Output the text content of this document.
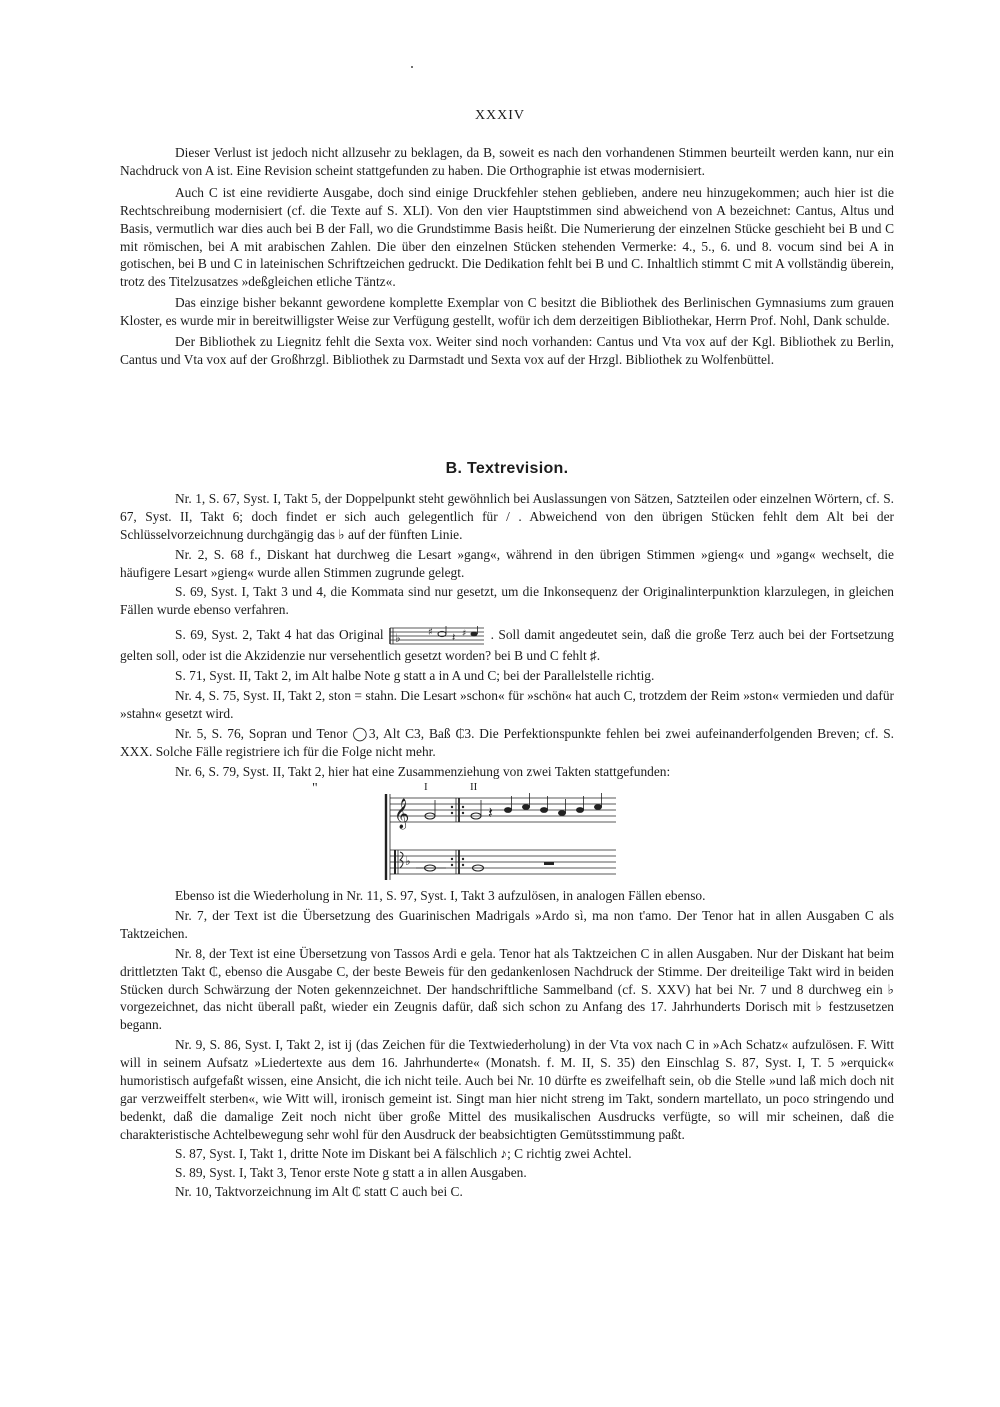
XXXIV

Dieser Verlust ist jedoch nicht allzusehr zu beklagen, da B, soweit es nach den vorhandenen Stimmen beurteilt werden kann, nur ein Nachdruck von A ist. Eine Revision scheint stattgefunden zu haben. Die Orthographie ist etwas modernisiert.

Auch C ist eine revidierte Ausgabe, doch sind einige Druckfehler stehen geblieben, andere neu hinzugekommen; auch hier ist die Rechtschreibung modernisiert (cf. die Texte auf S. XLI). Von den vier Hauptstimmen sind abweichend von A bezeichnet: Cantus, Altus und Basis, vermutlich war dies auch bei B der Fall, wo die Grundstimme Basis heißt. Die Numerierung der einzelnen Stücke geschieht bei B und C mit römischen, bei A mit arabischen Zahlen. Die über den einzelnen Stücken stehenden Vermerke: 4., 5., 6. und 8. vocum sind bei A in gotischen, bei B und C in lateinischen Schriftzeichen gedruckt. Die Dedikation fehlt bei B und C. Inhaltlich stimmt C mit A vollständig überein, trotz des Titelzusatzes »deßgleichen etliche Täntz«.

Das einzige bisher bekannt gewordene komplette Exemplar von C besitzt die Bibliothek des Berlinischen Gymnasiums zum grauen Kloster, es wurde mir in bereitwilligster Weise zur Verfügung gestellt, wofür ich dem derzeitigen Bibliothekar, Herrn Prof. Nohl, Dank schulde.

Der Bibliothek zu Liegnitz fehlt die Sexta vox. Weiter sind noch vorhanden: Cantus und Vta vox auf der Kgl. Bibliothek zu Berlin, Cantus und Vta vox auf der Großhrzgl. Bibliothek zu Darmstadt und Sexta vox auf der Hrzgl. Bibliothek zu Wolfenbüttel.

B. Textrevision.

Nr. 1, S. 67, Syst. I, Takt 5, der Doppelpunkt steht gewöhnlich bei Auslassungen von Sätzen, Satzteilen oder einzelnen Wörtern, cf. S. 67, Syst. II, Takt 6; doch findet er sich auch gelegentlich für / . Abweichend von den übrigen Stücken fehlt dem Alt bei der Schlüsselvorzeichnung durchgängig das ♭ auf der fünften Linie.

Nr. 2, S. 68 f., Diskant hat durchweg die Lesart »gang«, während in den übrigen Stimmen »gieng« und »gang« wechselt, die häufigere Lesart »gieng« wurde allen Stimmen zugrunde gelegt.

S. 69, Syst. I, Takt 3 und 4, die Kommata sind nur gesetzt, um die Inkonsequenz der Originalinterpunktion klarzulegen, in gleichen Fällen wurde ebenso verfahren.

S. 69, Syst. 2, Takt 4 hat das Original ♭	♯ 𝄽 ♯ . Soll damit angedeutet sein, daß die große Terz auch bei der Fortsetzung gelten soll, oder ist die Akzidenzie nur versehentlich gesetzt worden? bei B und C fehlt ♯.

S. 71, Syst. II, Takt 2, im Alt halbe Note g statt a in A und C; bei der Parallelstelle richtig.

Nr. 4, S. 75, Syst. II, Takt 2, ston = stahn. Die Lesart »schon« für »schön« hat auch C, trotzdem der Reim »ston« vermieden und dafür »stahn« gesetzt wird.

Nr. 5, S. 76, Sopran und Tenor ◯3, Alt C3, Baß ₵3. Die Perfektionspunkte fehlen bei zwei aufeinanderfolgenden Breven; cf. S. XXX. Solche Fälle registriere ich für die Folge nicht mehr.

Nr. 6, S. 79, Syst. II, Takt 2, hier hat eine Zusammenziehung von zwei Takten stattgefunden:

"	I	II
𝄞	𝄽
♭

Ebenso ist die Wiederholung in Nr. 11, S. 97, Syst. I, Takt 3 aufzulösen, in analogen Fällen ebenso.

Nr. 7, der Text ist die Übersetzung des Guarinischen Madrigals »Ardo sì, ma non t'amo. Der Tenor hat in allen Ausgaben C als Taktzeichen.

Nr. 8, der Text ist eine Übersetzung von Tassos Ardi e gela. Tenor hat als Taktzeichen C in allen Ausgaben. Nur der Diskant hat beim drittletzten Takt ₵, ebenso die Ausgabe C, der beste Beweis für den gedankenlosen Nachdruck der Stimme. Der dreiteilige Takt wird in beiden Stücken durch Schwärzung der Noten gekennzeichnet. Der handschriftliche Sammelband (cf. S. XXV) hat bei Nr. 7 und 8 durchweg ein ♭ vorgezeichnet, das nicht überall paßt, wieder ein Zeugnis dafür, daß sich schon zu Anfang des 17. Jahrhunderts Dorisch mit ♭ festzusetzen begann.

Nr. 9, S. 86, Syst. I, Takt 2, ist ij (das Zeichen für die Textwiederholung) in der Vta vox nach C in »Ach Schatz« aufzulösen. F. Witt will in seinem Aufsatz »Liedertexte aus dem 16. Jahrhunderte« (Monatsh. f. M. II, S. 35) den Einschlag S. 87, Syst. I, T. 5 »erquick« humoristisch aufgefaßt wissen, eine Ansicht, die ich nicht teile. Auch bei Nr. 10 dürfte es zweifelhaft sein, ob die Stelle »und laß mich doch nit gar verzweiffelt sterben«, wie Witt will, ironisch gemeint ist. Singt man hier nicht streng im Takt, sondern martellato, un poco stringendo und bedenkt, daß die damalige Zeit noch nicht über große Mittel des musikalischen Ausdrucks verfügte, so will mir scheinen, daß die charakteristische Achtelbewegung sehr wohl für den Ausdruck der beabsichtigten Gemütsstimmung paßt.

S. 87, Syst. I, Takt 1, dritte Note im Diskant bei A fälschlich ♪; C richtig zwei Achtel.

S. 89, Syst. I, Takt 3, Tenor erste Note g statt a in allen Ausgaben.

Nr. 10, Taktvorzeichnung im Alt ₵ statt C auch bei C.
